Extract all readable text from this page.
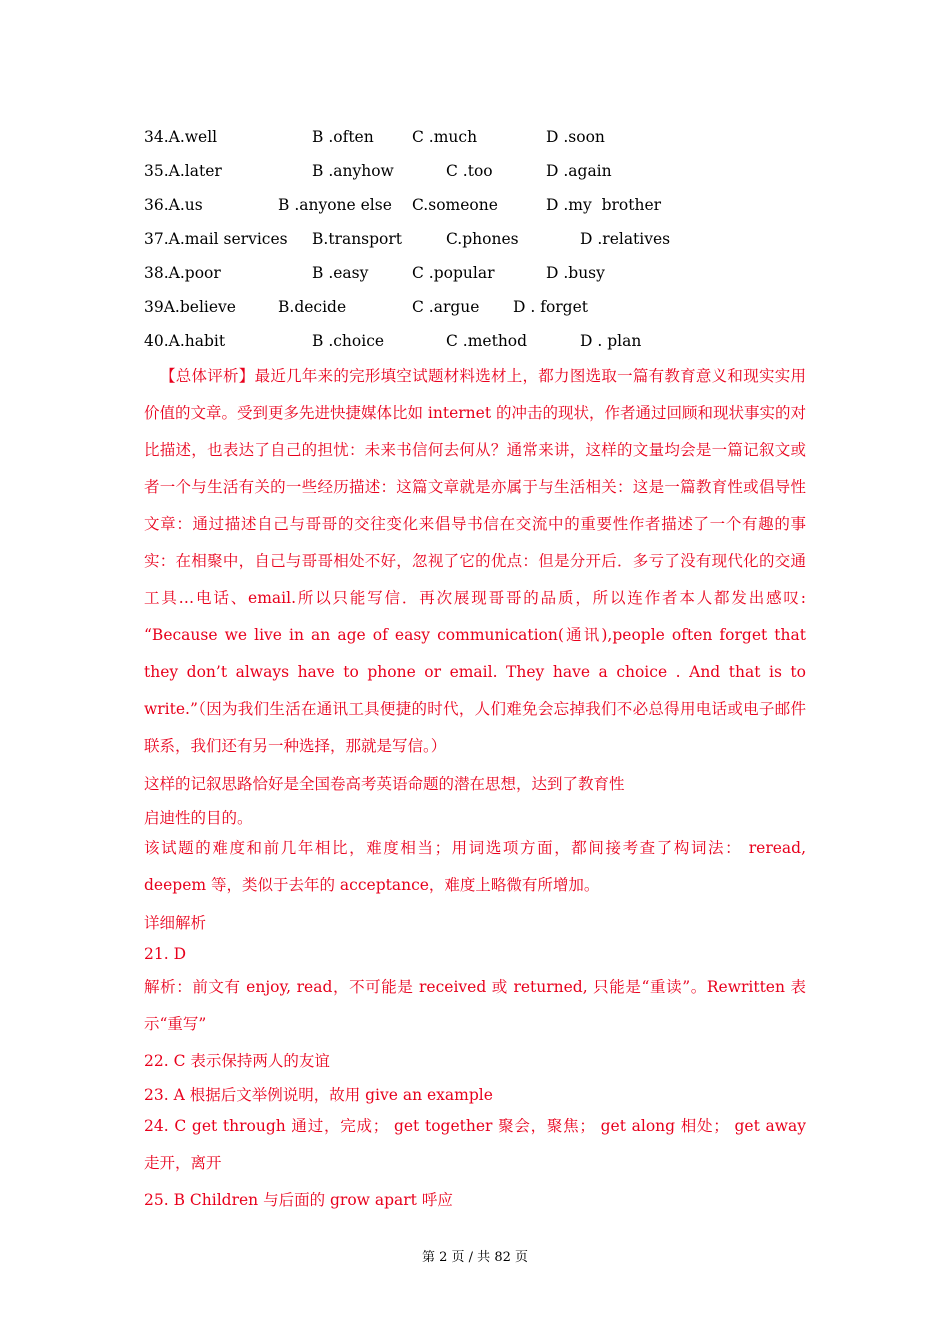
34.A.well	B .often C .much	D .soon
35.A.later	B .anyhow	C .too	D .again
36.A.us	B .anyone else C.someone	D .my  brother
37.A.mail services B.transport	C.phones	D .relatives
38.A.poor	B .easy	C .popular	D .busy
39A.believe	B.decide	C .argue D . forget
40.A.habit	B .choice	C .method	D . plan

【总体评析】最近几年来的完形填空试题材料选材上，都力图选取一篇有教育意义和现实实用价值的文章。受到更多先进快捷媒体比如 internet 的冲击的现状，作者通过回顾和现状事实的对比描述，也表达了自己的担忧：未来书信何去何从？通常来讲，这样的文量均会是一篇记叙文或者一个与生活有关的一些经历描述：这篇文章就是亦属于与生活相关：这是一篇教育性或倡导性文章：通过描述自己与哥哥的交往变化来倡导书信在交流中的重要性作者描述了一个有趣的事实：在相聚中，自己与哥哥相处不好，忽视了它的优点：但是分开后．多亏了没有现代化的交通工具…电话、email.所以只能写信．再次展现哥哥的品质，所以连作者本人都发出感叹: “Because we live in an age of easy communication(通讯),people often forget that they don’t always have to phone or email. They have a choice . And that is to write.”（因为我们生活在通讯工具便捷的时代，人们难免会忘掉我们不必总得用电话或电子邮件联系，我们还有另一种选择，那就是写信。）

这样的记叙思路恰好是全国卷高考英语命题的潜在思想，达到了教育性
启迪性的目的。

该试题的难度和前几年相比，难度相当；用词选项方面，都间接考查了构词法： reread, deepem 等，类似于去年的 acceptance，难度上略微有所增加。

详细解析
21. D

解析：前文有 enjoy, read，不可能是 received 或 returned, 只能是“重读”。Rewritten 表示“重写”

22. C 表示保持两人的友谊
23. A 根据后文举例说明，故用 give an example

24. C get through 通过，完成； get together 聚会，聚焦； get along 相处； get away 走开，离开

25. B Children 与后面的 grow apart 呼应
第 2 页 / 共 82 页
